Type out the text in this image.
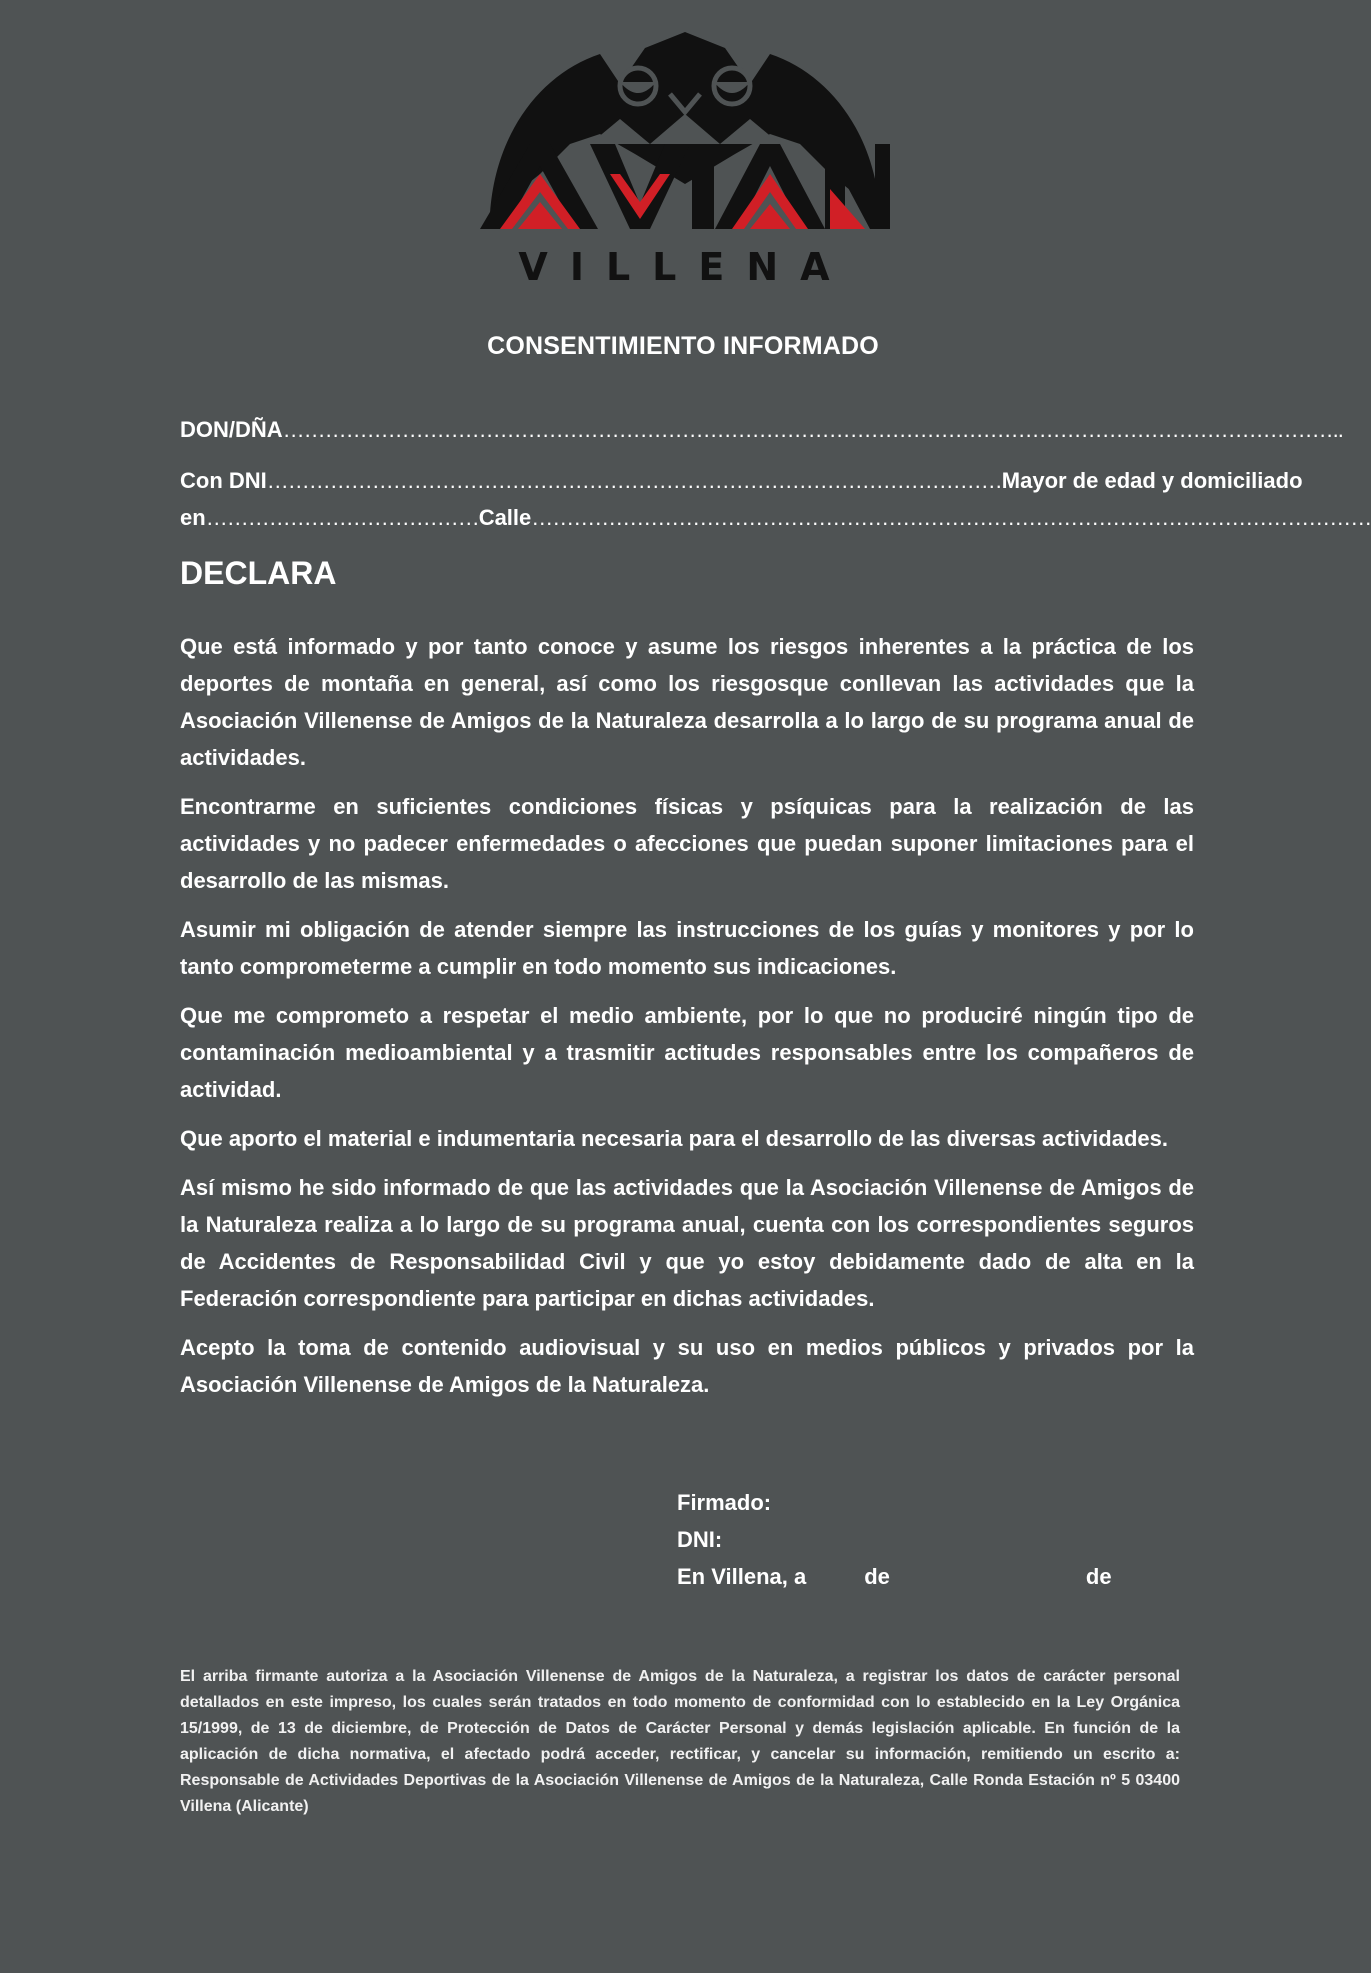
VILLENA
CONSENTIMIENTO INFORMADO
DON/DÑA……………………………………………………………………………………………………………………………………..
Con DNI……………………………………………………………………………………………Mayor de edad y domiciliado
en…………………………………Calle…………………………………………………………………………………………………………
DECLARA

Que está informado y por tanto conoce y asume los riesgos inherentes a la práctica de los deportes de montaña en general, así como los riesgosque conllevan las actividades que la Asociación Villenense de Amigos de la Naturaleza desarrolla a lo largo de su programa anual de actividades.

Encontrarme en suficientes condiciones físicas y psíquicas para la realización de las actividades y no padecer enfermedades o afecciones que puedan suponer limitaciones para el desarrollo de las mismas.

Asumir mi obligación de atender siempre las instrucciones de los guías y monitores y por lo tanto comprometerme a cumplir en todo momento sus indicaciones.

Que me comprometo a respetar el medio ambiente, por lo que no produciré ningún tipo de contaminación medioambiental y a trasmitir actitudes responsables entre los compañeros de actividad.

Que aporto el material e indumentaria necesaria para el desarrollo de las diversas actividades.

Así mismo he sido informado de que las actividades que la Asociación Villenense de Amigos de la Naturaleza realiza a lo largo de su programa anual, cuenta con los correspondientes seguros de Accidentes de Responsabilidad Civil y que yo estoy debidamente dado de alta en la Federación correspondiente para participar en dichas actividades.

Acepto la toma de contenido audiovisual y su uso en medios públicos y privados por la Asociación Villenense de Amigos de la Naturaleza.

Firmado:
DNI:
En Villena, a	de	de
El arriba firmante autoriza a la Asociación Villenense de Amigos de la Naturaleza, a registrar los datos de carácter personal detallados en este impreso, los cuales serán tratados en todo momento de conformidad con lo establecido en la Ley Orgánica 15/1999, de 13 de diciembre, de Protección de Datos de Carácter Personal y demás legislación aplicable. En función de la aplicación de dicha normativa, el afectado podrá acceder, rectificar, y cancelar su información, remitiendo un escrito a: Responsable de Actividades Deportivas de la Asociación Villenense de Amigos de la Naturaleza, Calle Ronda Estación nº 5 03400 Villena (Alicante)
